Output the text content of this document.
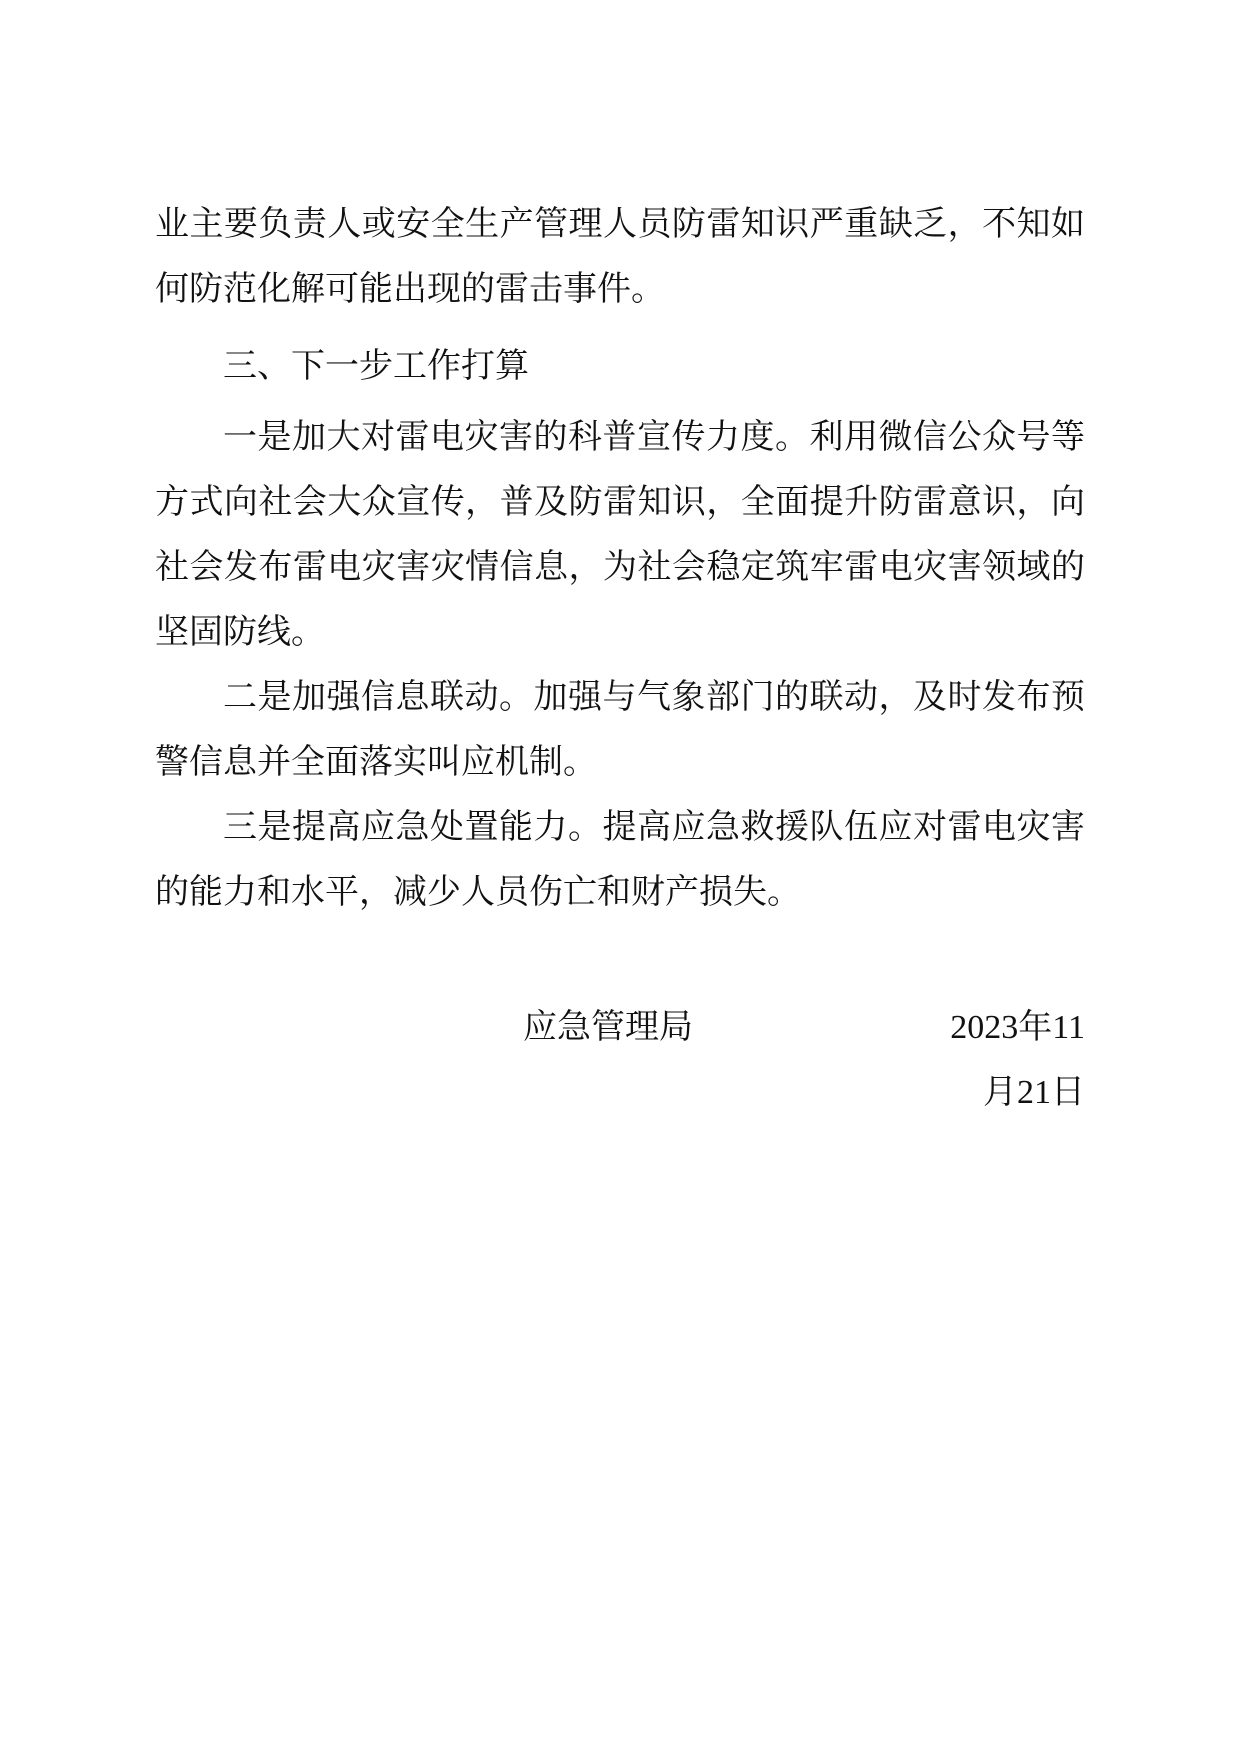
业主要负责人或安全生产管理人员防雷知识严重缺乏，不知如何防范化解可能出现的雷击事件。

三、下一步工作打算

一是加大对雷电灾害的科普宣传力度。利用微信公众号等方式向社会大众宣传，普及防雷知识，全面提升防雷意识，向社会发布雷电灾害灾情信息，为社会稳定筑牢雷电灾害领域的坚固防线。

二是加强信息联动。加强与气象部门的联动，及时发布预警信息并全面落实叫应机制。

三是提高应急处置能力。提高应急救援队伍应对雷电灾害的能力和水平，减少人员伤亡和财产损失。

应急管理局	2023年11
月21日
